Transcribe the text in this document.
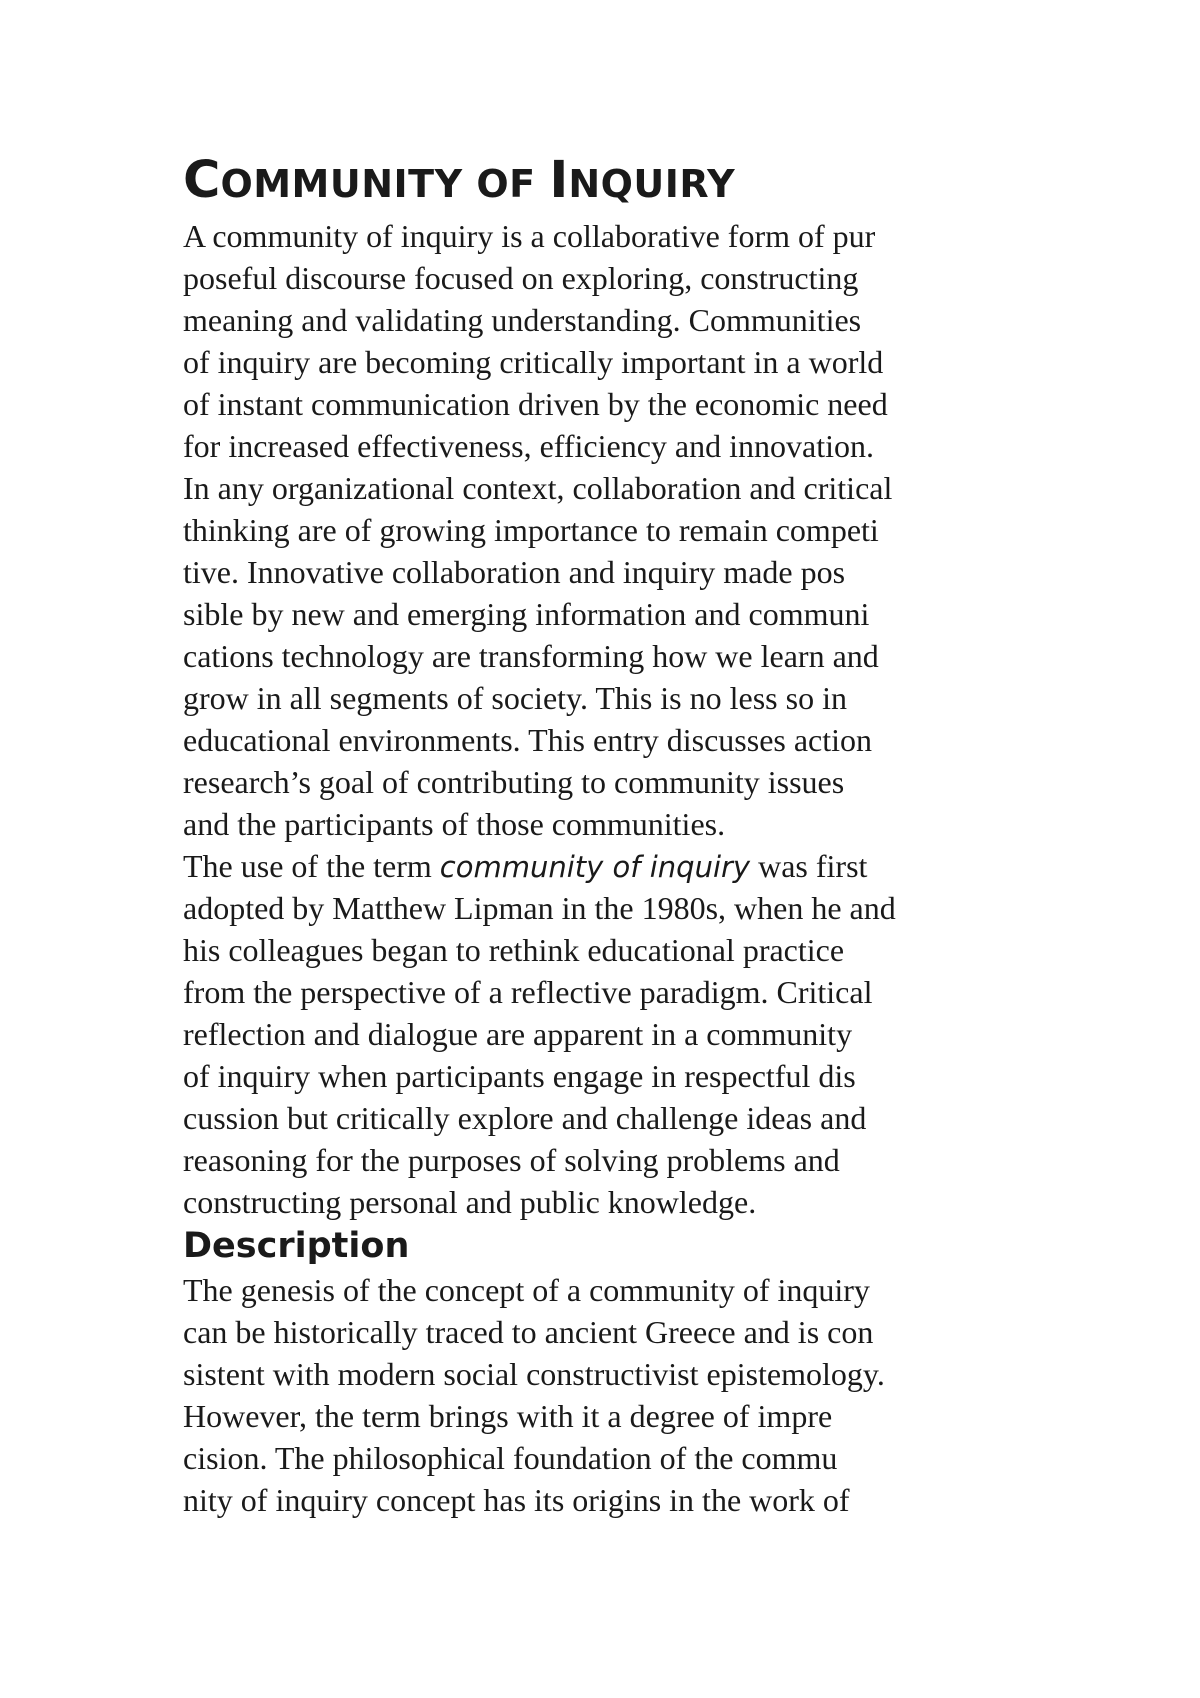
COMMUNITY OF INQUIRY
A community of inquiry is a collaborative form of pur
poseful discourse focused on exploring, constructing
meaning and validating understanding. Communities
of inquiry are becoming critically important in a world
of instant communication driven by the economic need
for increased effectiveness, efficiency and innovation.
In any organizational context, collaboration and critical
thinking are of growing importance to remain competi
tive. Innovative collaboration and inquiry made pos
sible by new and emerging information and communi
cations technology are transforming how we learn and
grow in all segments of society. This is no less so in
educational environments. This entry discusses action
research’s goal of contributing to community issues
and the participants of those communities.
The use of the term community of inquiry was first
adopted by Matthew Lipman in the 1980s, when he and
his colleagues began to rethink educational practice
from the perspective of a reflective paradigm. Critical
reflection and dialogue are apparent in a community
of inquiry when participants engage in respectful dis
cussion but critically explore and challenge ideas and
reasoning for the purposes of solving problems and
constructing personal and public knowledge.
Description
The genesis of the concept of a community of inquiry
can be historically traced to ancient Greece and is con
sistent with modern social constructivist epistemology.
However, the term brings with it a degree of impre
cision. The philosophical foundation of the commu
nity of inquiry concept has its origins in the work of
